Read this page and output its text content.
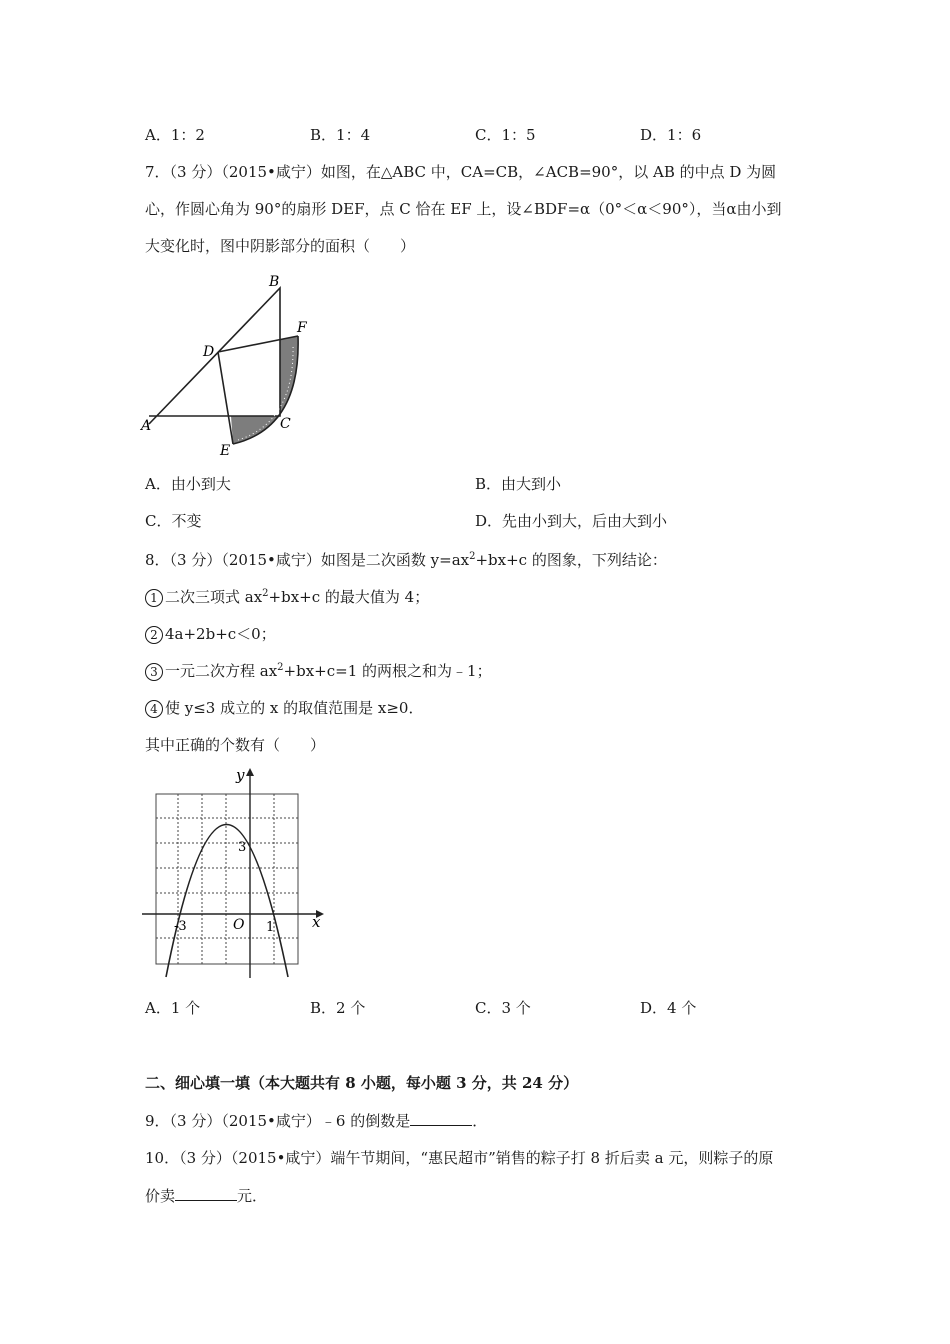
A．1：2	B．1：4	C．1：5	D．1：6
7．（3 分）（2015•咸宁）如图，在△ABC 中，CA=CB，∠ACB=90°，以 AB 的中点 D 为圆
心，作圆心角为 90°的扇形 DEF，点 C 恰在 EF 上，设∠BDF=α（0°＜α＜90°），当α由小到
大变化时，图中阴影部分的面积（　　）
B
F
D
A	C
E
A．由小到大	B．由大到小
C．不变	D．先由小到大，后由大到小
8．（3 分）（2015•咸宁）如图是二次函数 $y=ax^2+bx+c$ 的图象，下列结论：
1 二次三项式 $ax^2+bx+c$ 的最大值为 4；
2 4a+2b+c＜0；
3 一元二次方程 $ax^2+bx+c=1$ 的两根之和为﹣1；
4 使 y≤3 成立的 x 的取值范围是 x≥0．
其中正确的个数有（　　）
y
x
3
-3	O 1
A．1 个	B．2 个	C．3 个	D．4 个
二、细心填一填（本大题共有 8 小题，每小题 3 分，共 24 分）
9．（3 分）（2015•咸宁）﹣6 的倒数是	．
10．（3 分）（2015•咸宁）端午节期间，“惠民超市”销售的粽子打 8 折后卖 a 元，则粽子的原
价卖	元．
